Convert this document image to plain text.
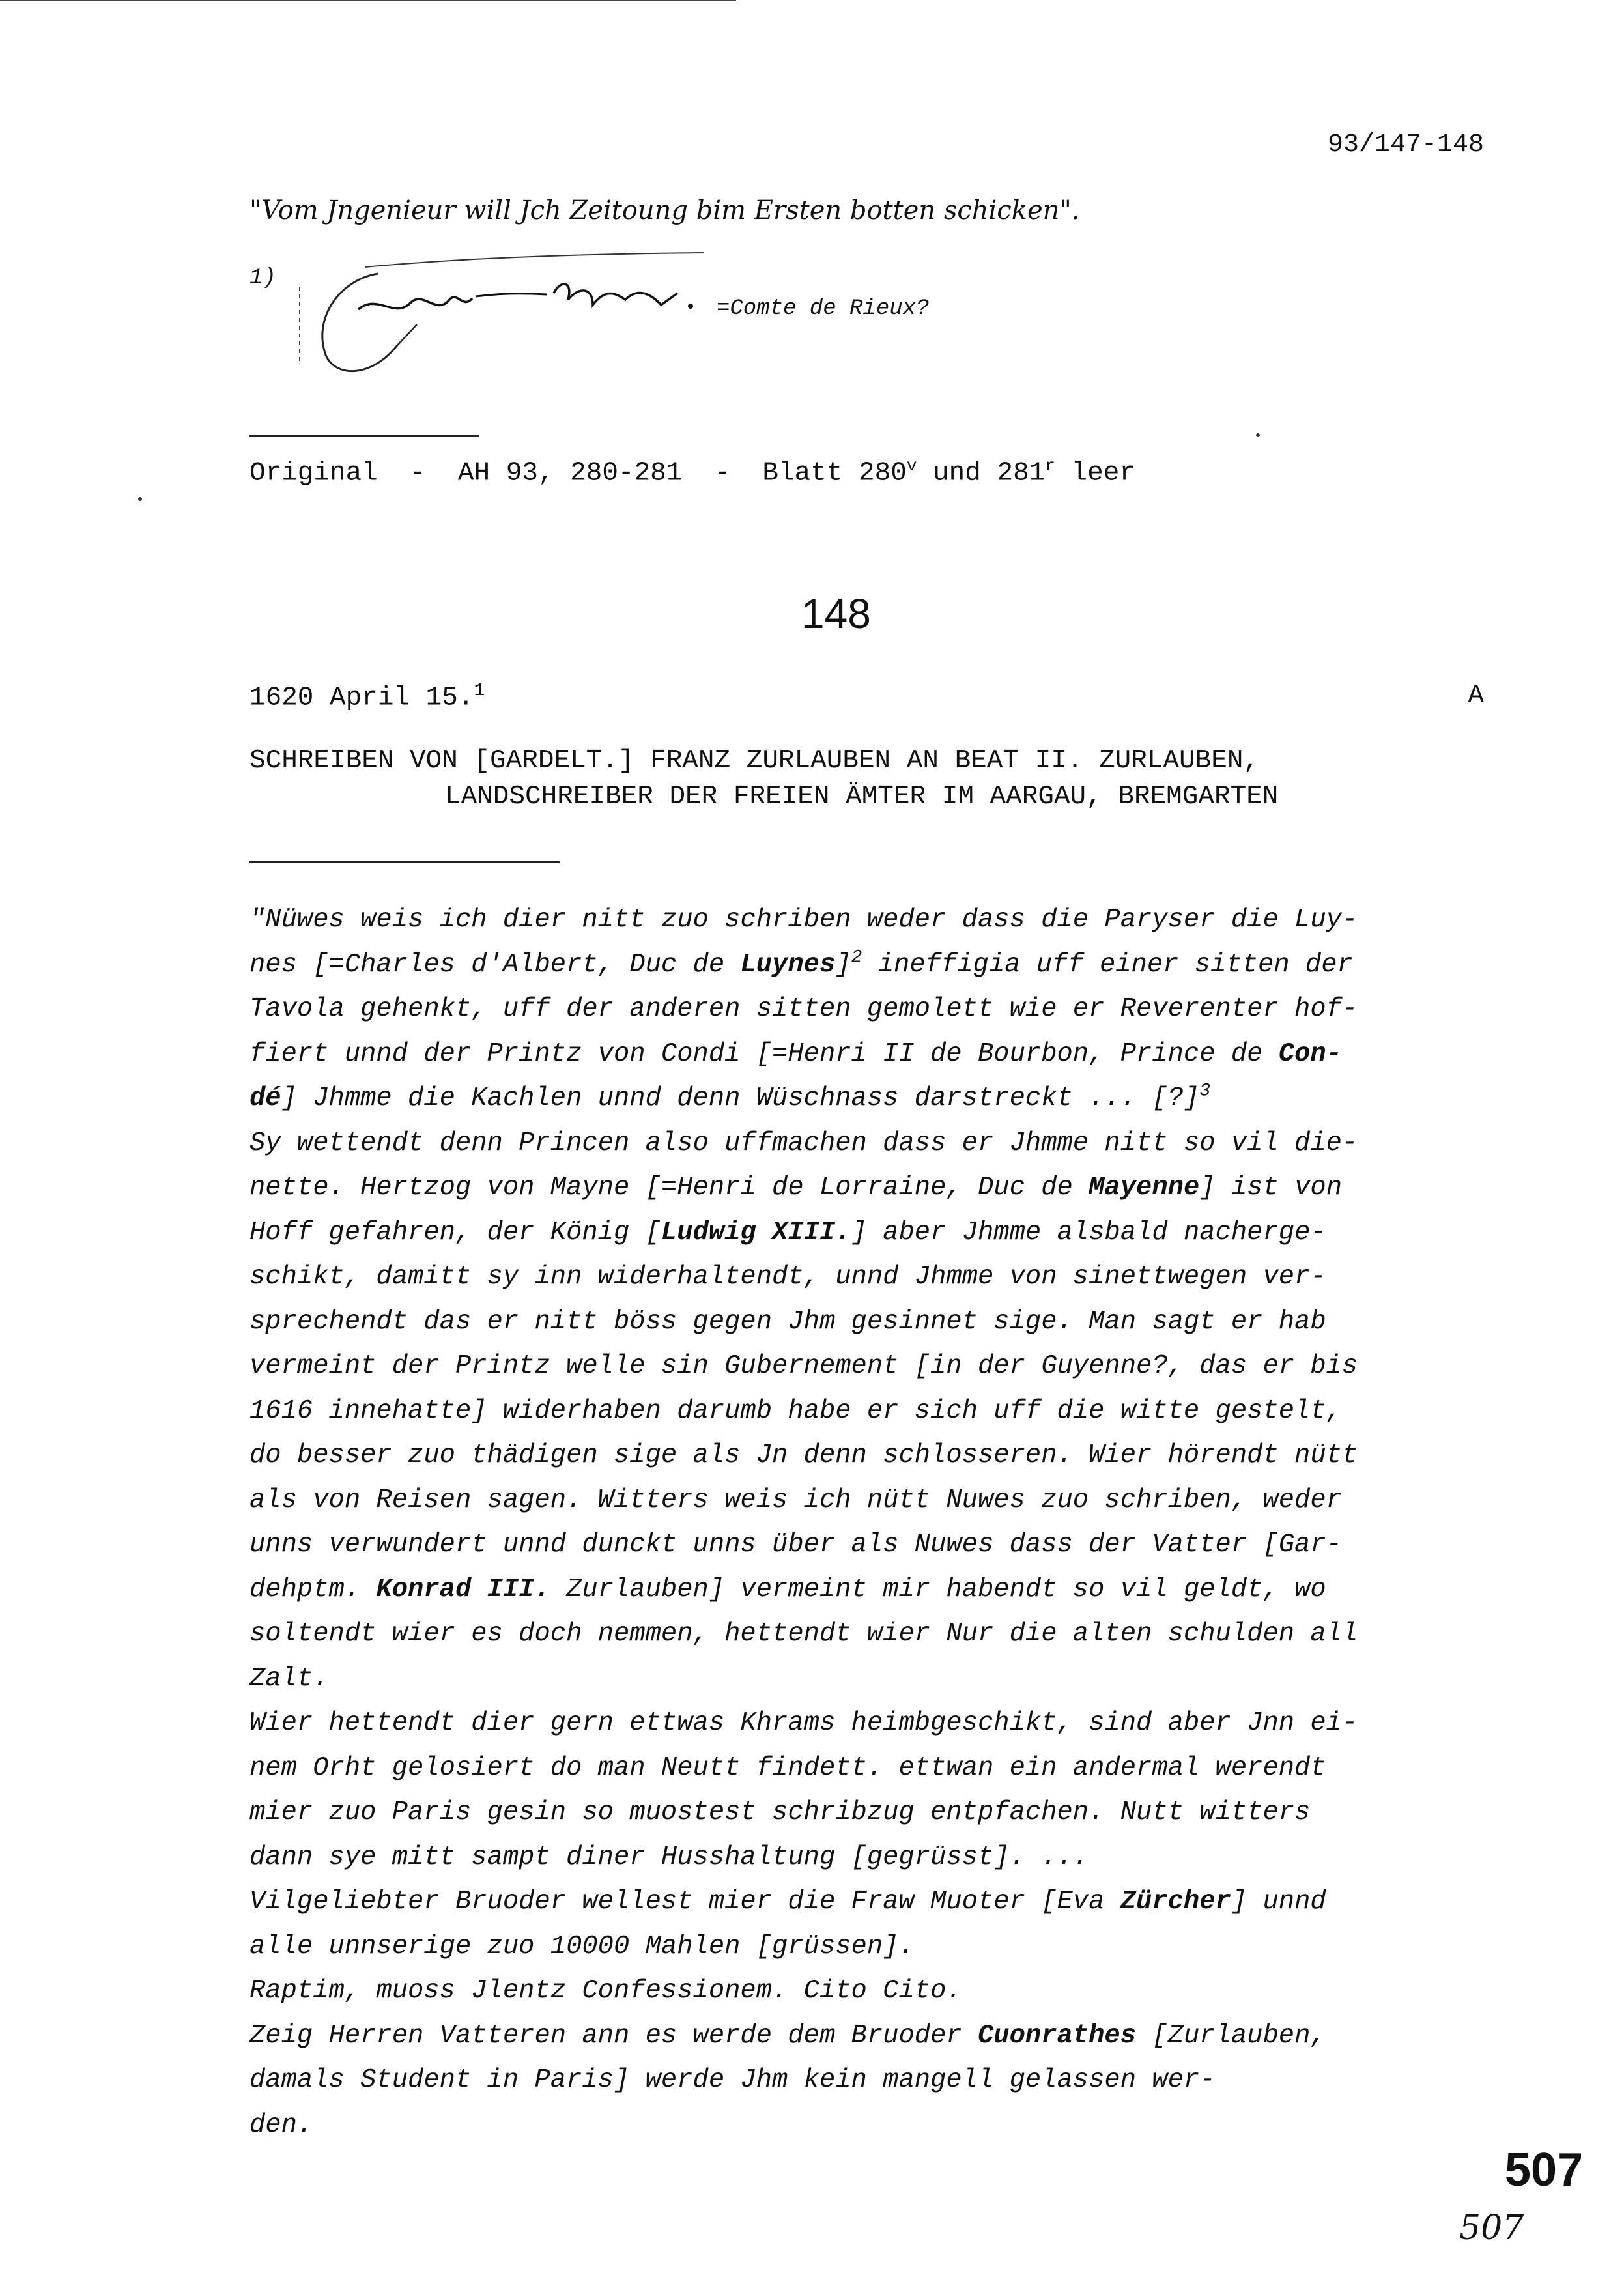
93/147-148
"Vom Jngenieur will Jch Zeitoung bim Ersten botten schicken".
1)
Contre Drrieux.
=Comte de Rieux?
Original - AH 93, 280-281 - Blatt 280$^v$ und 281$^r$ leer
148
1620 April 15.$^1$	A
SCHREIBEN VON [GARDELT.] FRANZ ZURLAUBEN AN BEAT II. ZURLAUBEN,
LANDSCHREIBER DER FREIEN ÄMTER IM AARGAU, BREMGARTEN
"Nüwes weis ich dier nitt zuo schriben weder dass die Paryser die Luy-
nes [=Charles d'Albert, Duc de Luynes]$^2$ ineffigia uff einer sitten der
Tavola gehenkt, uff der anderen sitten gemolett wie er Reverenter hof-
fiert unnd der Printz von Condi [=Henri II de Bourbon, Prince de Con-
dé] Jhmme die Kachlen unnd denn Wüschnass darstreckt ... [?]$^3$
Sy wettendt denn Princen also uffmachen dass er Jhmme nitt so vil die-
nette. Hertzog von Mayne [=Henri de Lorraine, Duc de Mayenne] ist von
Hoff gefahren, der König [Ludwig XIII.] aber Jhmme alsbald nacherge-
schikt, damitt sy inn widerhaltendt, unnd Jhmme von sinettwegen ver-
sprechendt das er nitt böss gegen Jhm gesinnet sige. Man sagt er hab
vermeint der Printz welle sin Gubernement [in der Guyenne?, das er bis
1616 innehatte] widerhaben darumb habe er sich uff die witte gestelt,
do besser zuo thädigen sige als Jn denn schlosseren. Wier hörendt nütt
als von Reisen sagen. Witters weis ich nütt Nuwes zuo schriben, weder
unns verwundert unnd dunckt unns über als Nuwes dass der Vatter [Gar-
dehptm. Konrad III. Zurlauben] vermeint mir habendt so vil geldt, wo
soltendt wier es doch nemmen, hettendt wier Nur die alten schulden all
Zalt.
Wier hettendt dier gern ettwas Khrams heimbgeschikt, sind aber Jnn ei-
nem Orht gelosiert do man Neutt findett. ettwan ein andermal werendt
mier zuo Paris gesin so muostest schribzug entpfachen. Nutt witters
dann sye mitt sampt diner Husshaltung [gegrüsst]. ...
Vilgeliebter Bruoder wellest mier die Fraw Muoter [Eva Zürcher] unnd
alle unnserige zuo 10000 Mahlen [grüssen].
Raptim, muoss Jlentz Confessionem. Cito Cito.
Zeig Herren Vatteren ann es werde dem Bruoder Cuonrathes [Zurlauben,
damals Student in Paris] werde Jhm kein mangell gelassen wer-
den.
507
507
